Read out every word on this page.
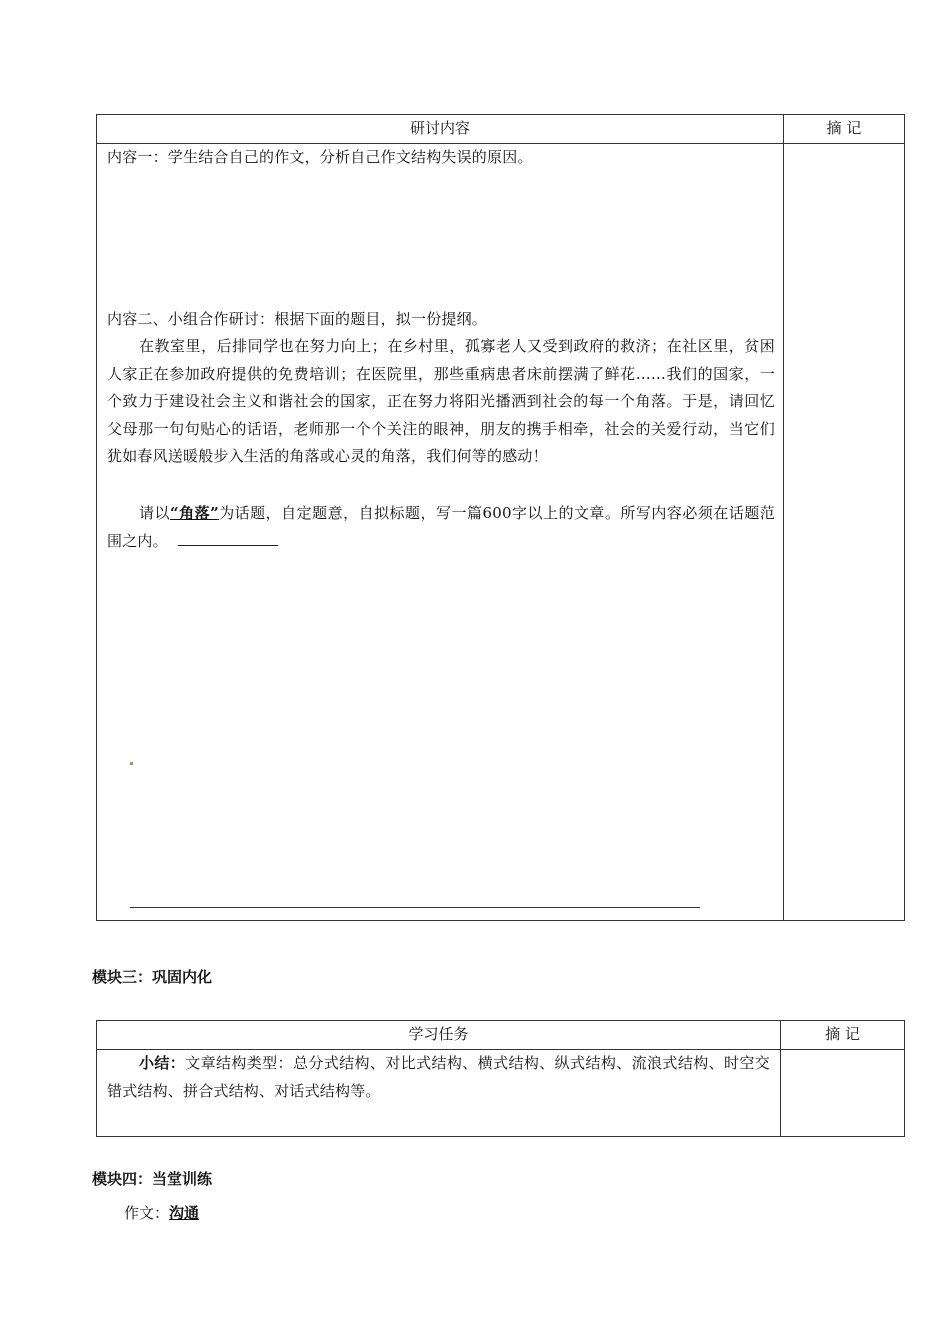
研讨内容	摘 记

内容一：学生结合自己的作文，分析自己作文结构失误的原因。

内容二、小组合作研讨：根据下面的题目，拟一份提纲。

在教室里，后排同学也在努力向上；在乡村里，孤寡老人又受到政府的救济；在社区里，贫困人家正在参加政府提供的免费培训；在医院里，那些重病患者床前摆满了鲜花……我们的国家，一个致力于建设社会主义和谐社会的国家，正在努力将阳光播洒到社会的每一个角落。于是，请回忆父母那一句句贴心的话语，老师那一个个关注的眼神，朋友的携手相牵，社会的关爱行动，当它们犹如春风送暖般步入生活的角落或心灵的角落，我们何等的感动！

请以“角落”为话题，自定题意，自拟标题，写一篇600字以上的文章。所写内容必须在话题范围之内。	

模块三：巩固内化
学习任务	摘 记

小结：文章结构类型：总分式结构、对比式结构、横式结构、纵式结构、流浪式结构、时空交错式结构、拼合式结构、对话式结构等。	

模块四：当堂训练
作文：沟通
